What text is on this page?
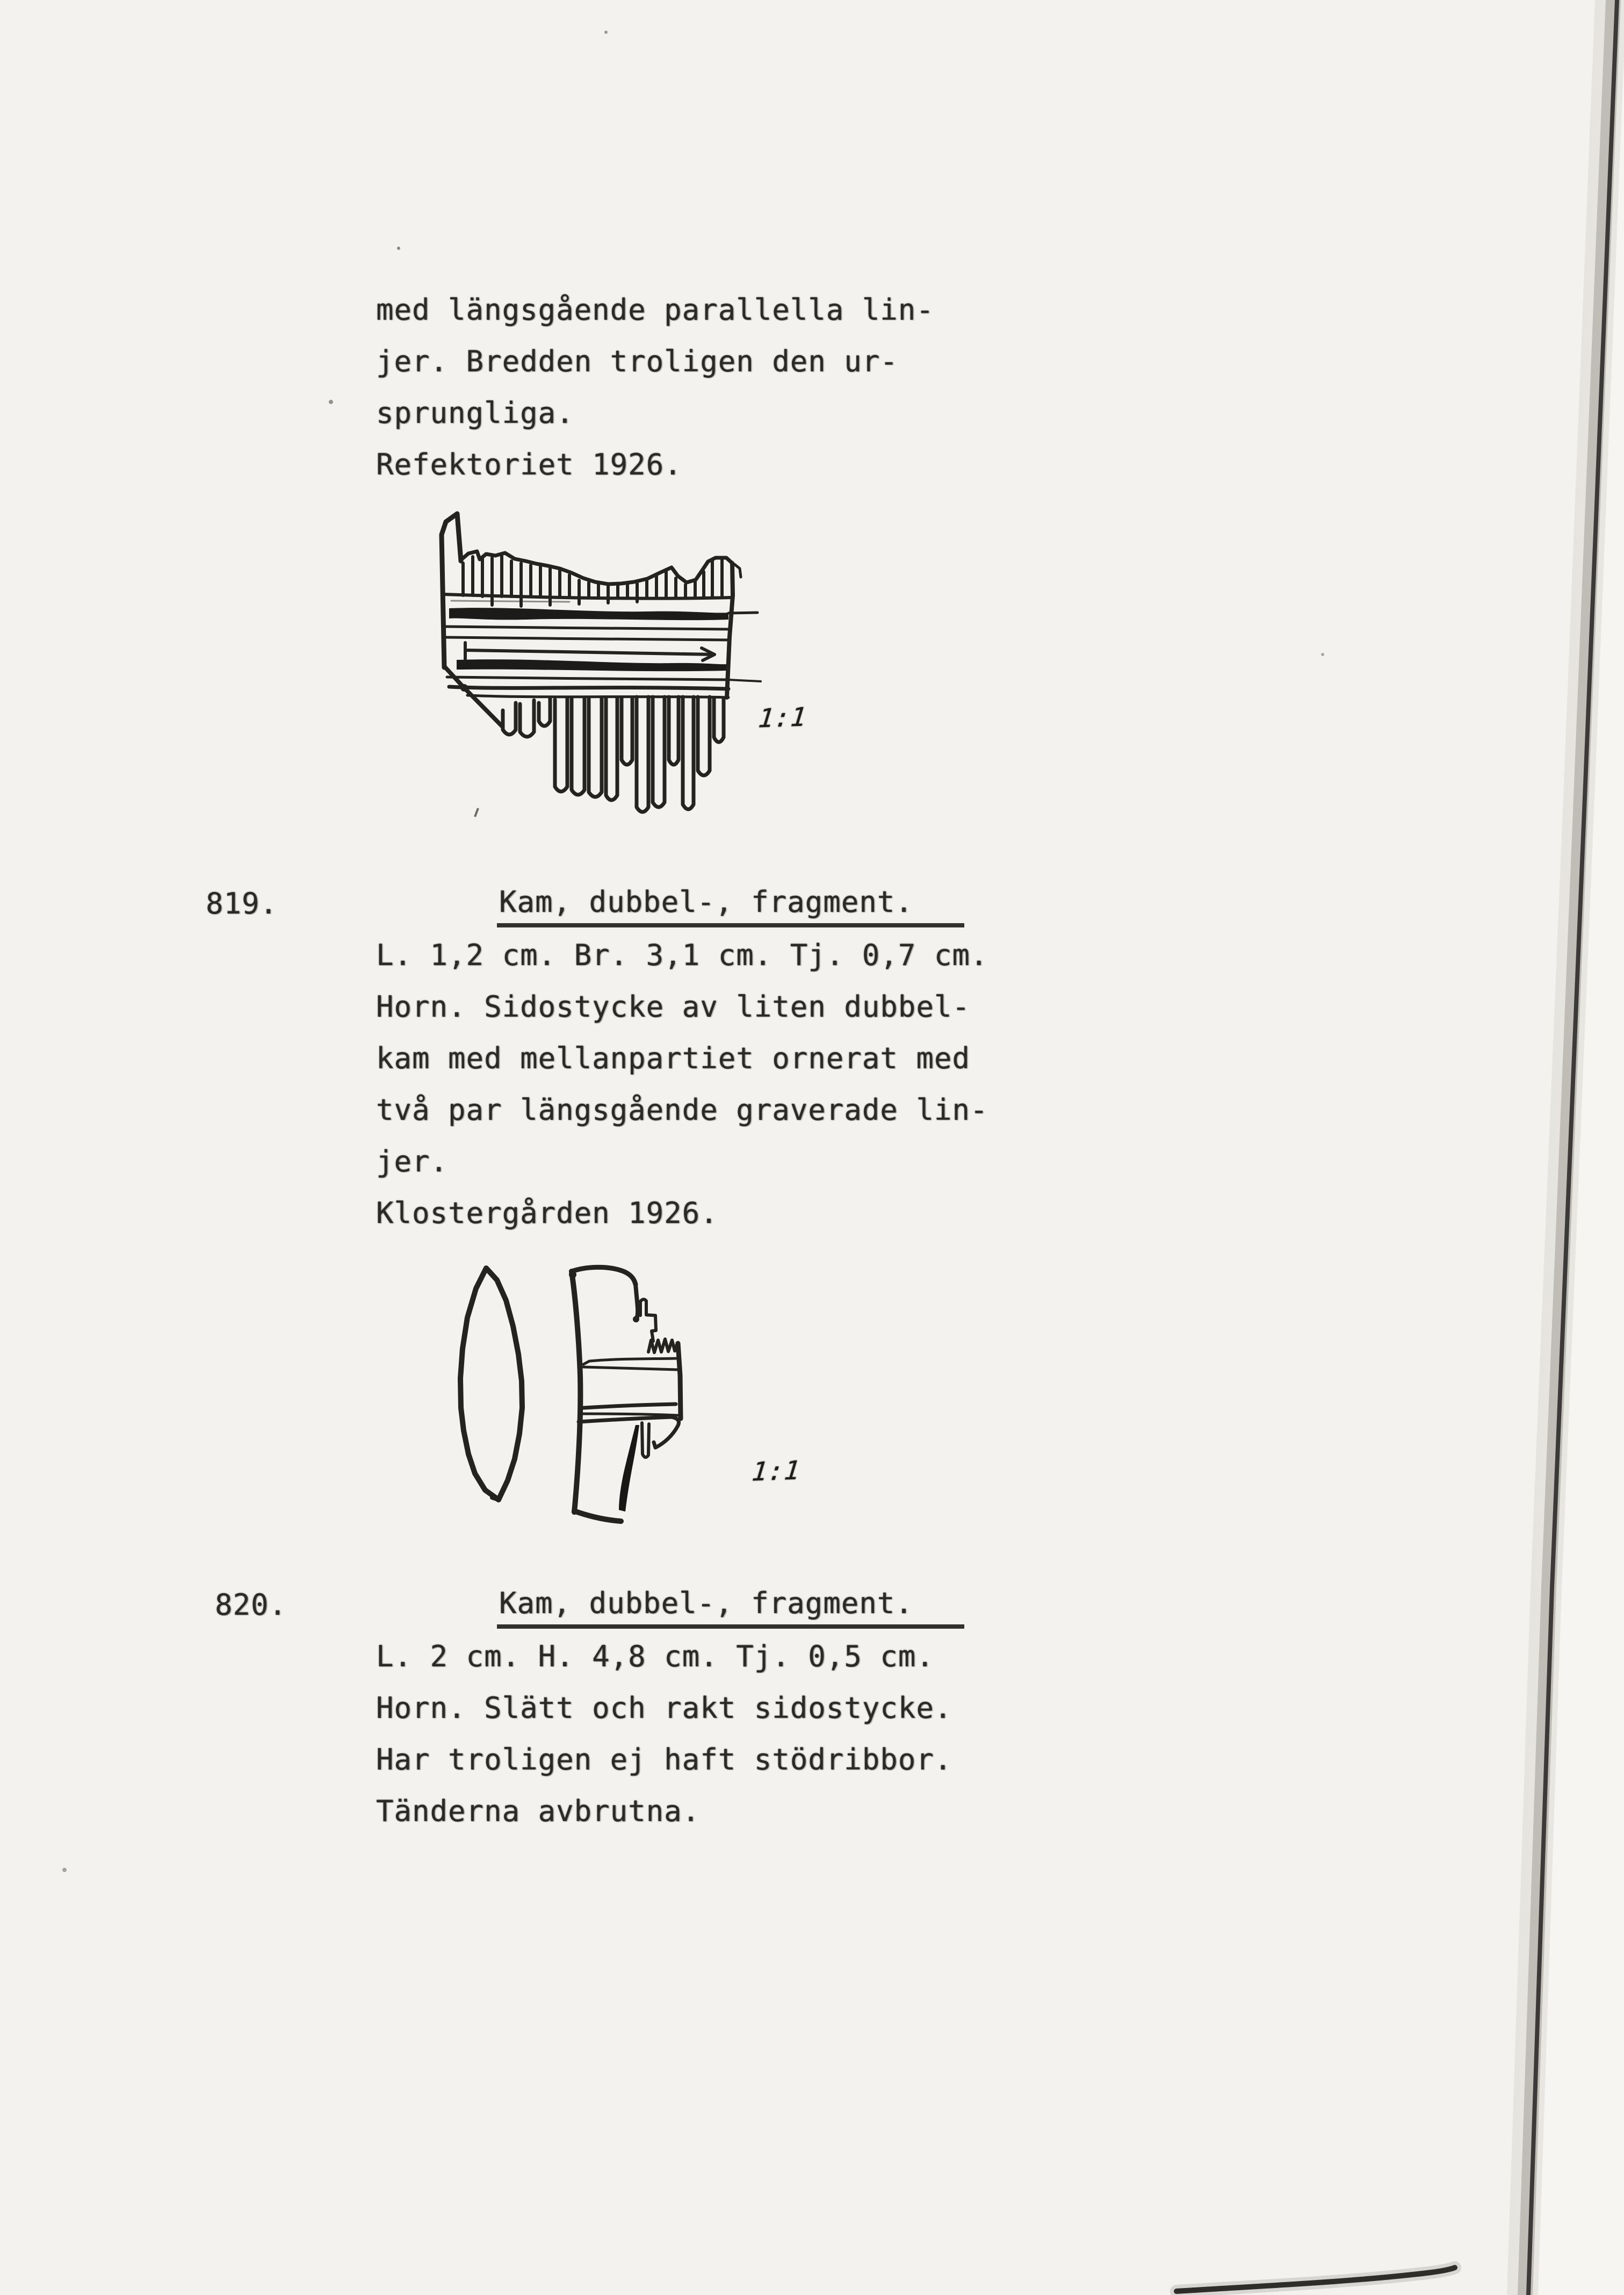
med längsgående parallella lin-
jer. Bredden troligen den ur-
sprungliga.
Refektoriet 1926.
1:1
819.	Kam, dubbel-, fragment.
L. 1,2 cm. Br. 3,1 cm. Tj. 0,7 cm.
Horn. Sidostycke av liten dubbel-
kam med mellanpartiet ornerat med
två par längsgående graverade lin-
jer.
Klostergården 1926.
1:1
820.	Kam, dubbel-, fragment.
L. 2 cm. H. 4,8 cm. Tj. 0,5 cm.
Horn. Slätt och rakt sidostycke.
Har troligen ej haft stödribbor.
Tänderna avbrutna.
